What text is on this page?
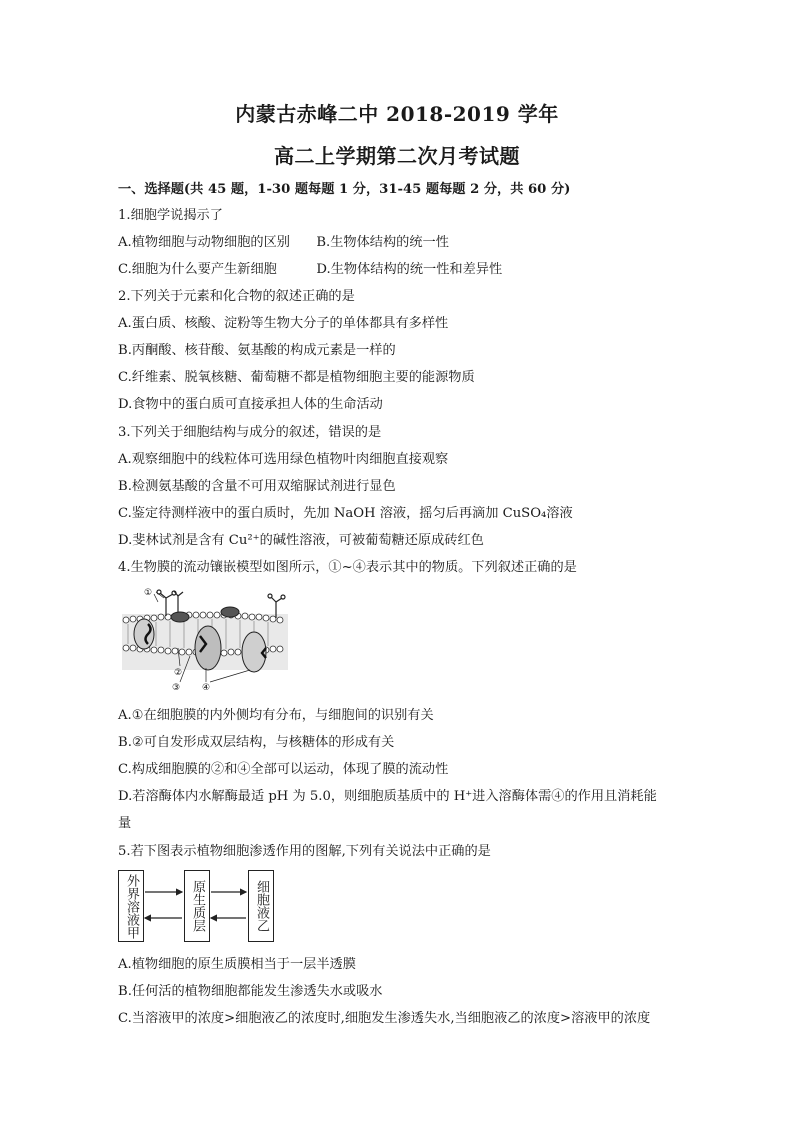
内蒙古赤峰二中 2018-2019 学年
高二上学期第二次月考试题
一、选择题(共 45 题，1-30 题每题 1 分，31-45 题每题 2 分，共 60 分)
1.细胞学说揭示了
A.植物细胞与动物细胞的区别　　B.生物体结构的统一性
C.细胞为什么要产生新细胞　　　D.生物体结构的统一性和差异性
2.下列关于元素和化合物的叙述正确的是
A.蛋白质、核酸、淀粉等生物大分子的单体都具有多样性
B.丙酮酸、核苷酸、氨基酸的构成元素是一样的
C.纤维素、脱氧核糖、葡萄糖不都是植物细胞主要的能源物质
D.食物中的蛋白质可直接承担人体的生命活动
3.下列关于细胞结构与成分的叙述，错误的是
A.观察细胞中的线粒体可选用绿色植物叶肉细胞直接观察
B.检测氨基酸的含量不可用双缩脲试剂进行显色
C.鉴定待测样液中的蛋白质时，先加 NaOH 溶液，摇匀后再滴加 CuSO₄溶液
D.斐林试剂是含有 Cu²⁺的碱性溶液，可被葡萄糖还原成砖红色
4.生物膜的流动镶嵌模型如图所示，①~④表示其中的物质。下列叙述正确的是
①
②
③ ④
A.①在细胞膜的内外侧均有分布，与细胞间的识别有关
B.②可自发形成双层结构，与核糖体的形成有关
C.构成细胞膜的②和④全部可以运动，体现了膜的流动性
D.若溶酶体内水解酶最适 pH 为 5.0，则细胞质基质中的 H⁺进入溶酶体需④的作用且消耗能
量
5.若下图表示植物细胞渗透作用的图解,下列有关说法中正确的是
外界溶液甲	原生质层	细胞液乙
A.植物细胞的原生质膜相当于一层半透膜
B.任何活的植物细胞都能发生渗透失水或吸水
C.当溶液甲的浓度>细胞液乙的浓度时,细胞发生渗透失水,当细胞液乙的浓度>溶液甲的浓度
